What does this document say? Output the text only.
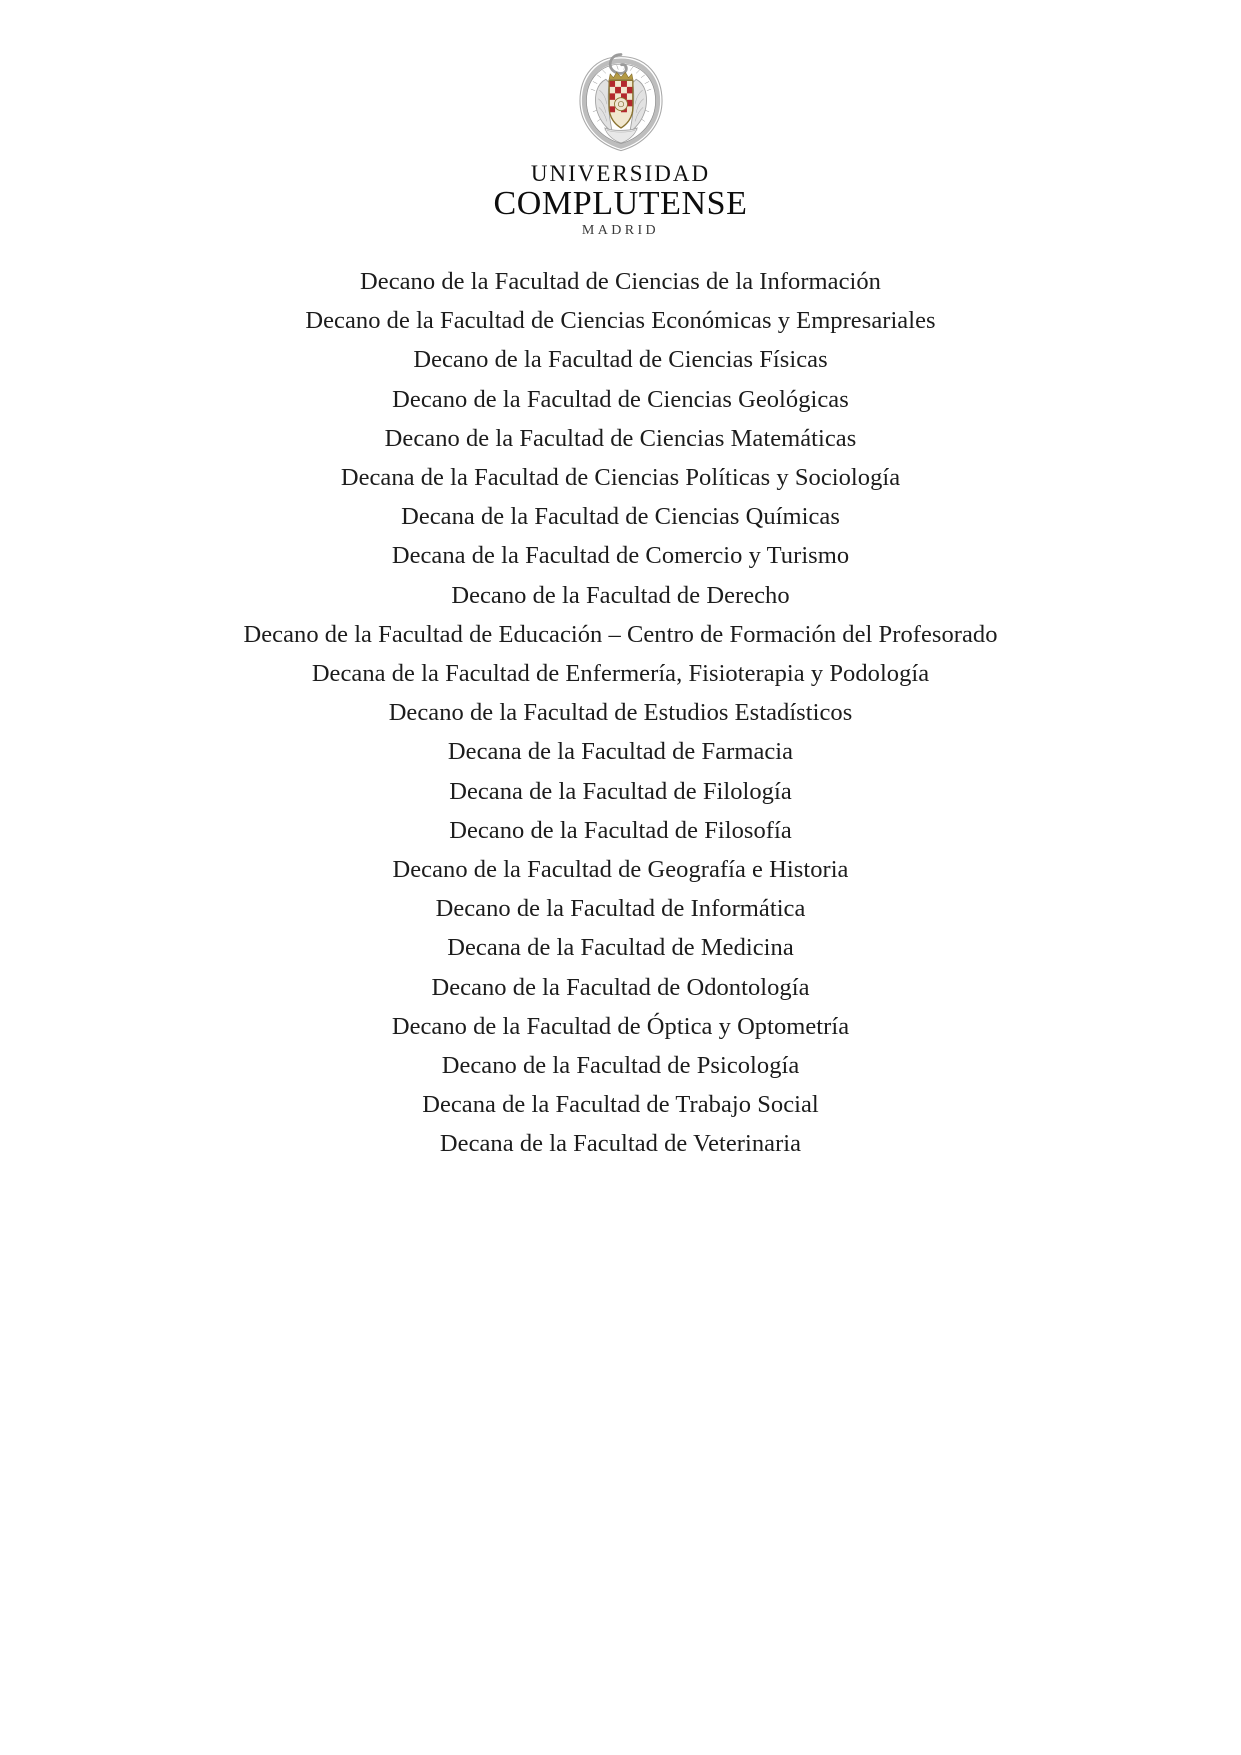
UNIVERSIDAD
COMPLUTENSE
MADRID
Decano de la Facultad de Ciencias de la Información
Decano de la Facultad de Ciencias Económicas y Empresariales
Decano de la Facultad de Ciencias Físicas
Decano de la Facultad de Ciencias Geológicas
Decano de la Facultad de Ciencias Matemáticas
Decana de la Facultad de Ciencias Políticas y Sociología
Decana de la Facultad de Ciencias Químicas
Decana de la Facultad de Comercio y Turismo
Decano de la Facultad de Derecho
Decano de la Facultad de Educación – Centro de Formación del Profesorado
Decana de la Facultad de Enfermería, Fisioterapia y Podología
Decano de la Facultad de Estudios Estadísticos
Decana de la Facultad de Farmacia
Decana de la Facultad de Filología
Decano de la Facultad de Filosofía
Decano de la Facultad de Geografía e Historia
Decano de la Facultad de Informática
Decana de la Facultad de Medicina
Decano de la Facultad de Odontología
Decano de la Facultad de Óptica y Optometría
Decano de la Facultad de Psicología
Decana de la Facultad de Trabajo Social
Decana de la Facultad de Veterinaria
